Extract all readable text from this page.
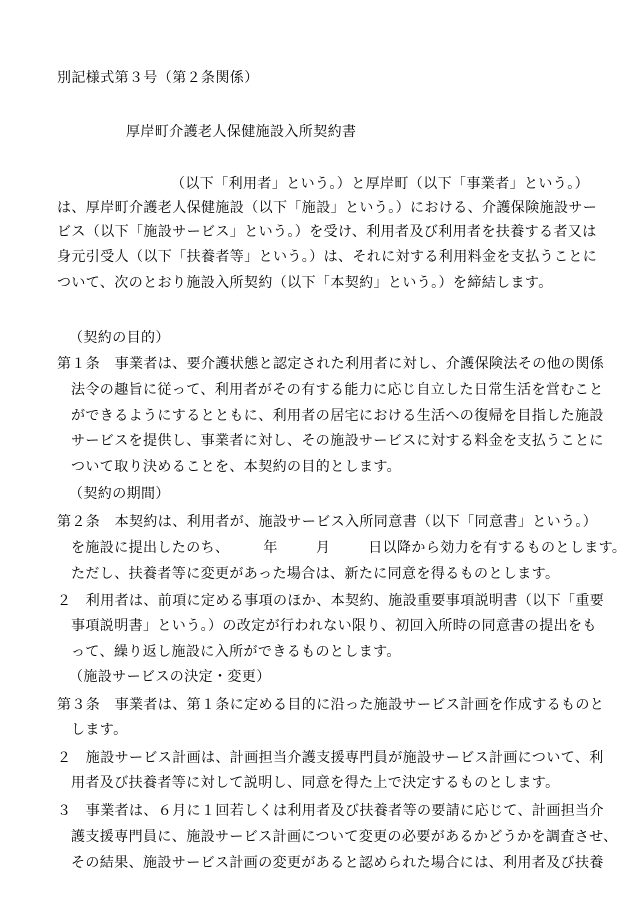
別記様式第３号（第２条関係）
厚岸町介護老人保健施設入所契約書
（以下「利用者」という。）と厚岸町（以下「事業者」という。）
は、厚岸町介護老人保健施設（以下「施設」という。）における、介護保険施設サー
ビス（以下「施設サービス」という。）を受け、利用者及び利用者を扶養する者又は
身元引受人（以下「扶養者等」という。）は、それに対する利用料金を支払うことに
ついて、次のとおり施設入所契約（以下「本契約」という。）を締結します。
（契約の目的）
第１条　事業者は、要介護状態と認定された利用者に対し、介護保険法その他の関係
法令の趣旨に従って、利用者がその有する能力に応じ自立した日常生活を営むこと
ができるようにするとともに、利用者の居宅における生活への復帰を目指した施設
サービスを提供し、事業者に対し、その施設サービスに対する料金を支払うことに
ついて取り決めることを、本契約の目的とします。
（契約の期間）
第２条　本契約は、利用者が、施設サービス入所同意書（以下「同意書」という。）
を施設に提出したのち、 年	月	日以降から効力を有するものとします。
ただし、扶養者等に変更があった場合は、新たに同意を得るものとします。
２　利用者は、前項に定める事項のほか、本契約、施設重要事項説明書（以下「重要
事項説明書」という。）の改定が行われない限り、初回入所時の同意書の提出をも
って、繰り返し施設に入所ができるものとします。
（施設サービスの決定・変更）
第３条　事業者は、第１条に定める目的に沿った施設サービス計画を作成するものと
します。
２　施設サービス計画は、計画担当介護支援専門員が施設サービス計画について、利
用者及び扶養者等に対して説明し、同意を得た上で決定するものとします。
３　事業者は、６月に１回若しくは利用者及び扶養者等の要請に応じて、計画担当介
護支援専門員に、施設サービス計画について変更の必要があるかどうかを調査させ、
その結果、施設サービス計画の変更があると認められた場合には、利用者及び扶養
